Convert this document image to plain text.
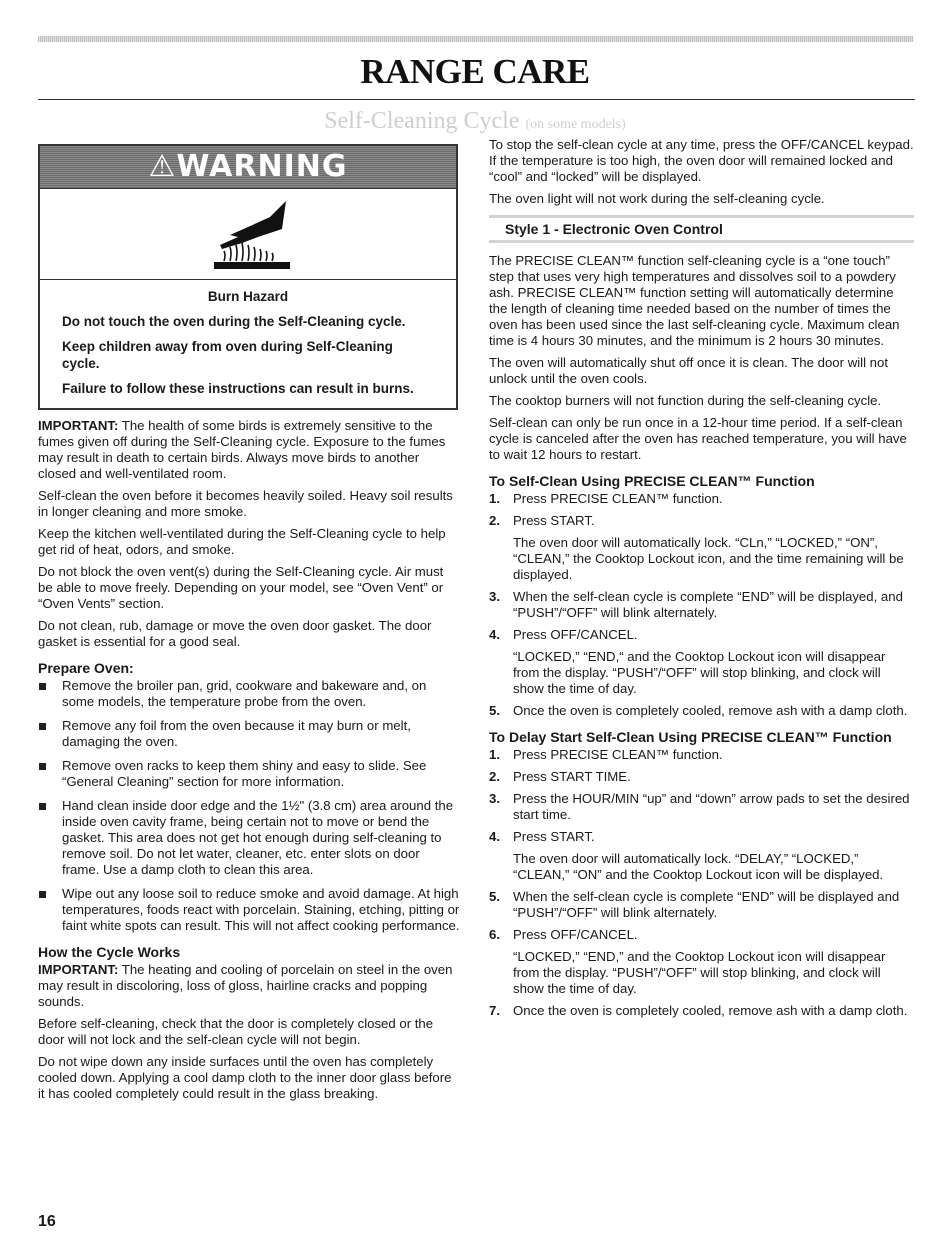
RANGE CARE
Self-Cleaning Cycle (on some models)
⚠WARNING

Burn Hazard

Do not touch the oven during the Self-Cleaning cycle.

Keep children away from oven during Self-Cleaning cycle.

Failure to follow these instructions can result in burns.

IMPORTANT: The health of some birds is extremely sensitive to the fumes given off during the Self-Cleaning cycle. Exposure to the fumes may result in death to certain birds. Always move birds to another closed and well-ventilated room.

Self-clean the oven before it becomes heavily soiled. Heavy soil results in longer cleaning and more smoke.

Keep the kitchen well-ventilated during the Self-Cleaning cycle to help get rid of heat, odors, and smoke.

Do not block the oven vent(s) during the Self-Cleaning cycle. Air must be able to move freely. Depending on your model, see “Oven Vent” or “Oven Vents” section.

Do not clean, rub, damage or move the oven door gasket. The door gasket is essential for a good seal.

Prepare Oven:
Remove the broiler pan, grid, cookware and bakeware and, on some models, the temperature probe from the oven.
Remove any foil from the oven because it may burn or melt, damaging the oven.
Remove oven racks to keep them shiny and easy to slide. See “General Cleaning” section for more information.
Hand clean inside door edge and the 1½" (3.8 cm) area around the inside oven cavity frame, being certain not to move or bend the gasket. This area does not get hot enough during self-cleaning to remove soil. Do not let water, cleaner, etc. enter slots on door frame. Use a damp cloth to clean this area.
Wipe out any loose soil to reduce smoke and avoid damage. At high temperatures, foods react with porcelain. Staining, etching, pitting or faint white spots can result. This will not affect cooking performance.
How the Cycle Works

IMPORTANT: The heating and cooling of porcelain on steel in the oven may result in discoloring, loss of gloss, hairline cracks and popping sounds.

Before self-cleaning, check that the door is completely closed or the door will not lock and the self-clean cycle will not begin.

Do not wipe down any inside surfaces until the oven has completely cooled down. Applying a cool damp cloth to the inner door glass before it has cooled completely could result in the glass breaking.

To stop the self-clean cycle at any time, press the OFF/CANCEL keypad. If the temperature is too high, the oven door will remained locked and “cool” and “locked” will be displayed.

The oven light will not work during the self-cleaning cycle.

Style 1 - Electronic Oven Control

The PRECISE CLEAN™ function self-cleaning cycle is a “one touch” step that uses very high temperatures and dissolves soil to a powdery ash. PRECISE CLEAN™ function setting will automatically determine the length of cleaning time needed based on the number of times the oven has been used since the last self-cleaning cycle. Maximum clean time is 4 hours 30 minutes, and the minimum is 2 hours 30 minutes.

The oven will automatically shut off once it is clean. The door will not unlock until the oven cools.

The cooktop burners will not function during the self-cleaning cycle.

Self-clean can only be run once in a 12-hour time period. If a self-clean cycle is canceled after the oven has reached temperature, you will have to wait 12 hours to restart.

To Self-Clean Using PRECISE CLEAN™ Function
1. Press PRECISE CLEAN™ function.
2. Press START.
The oven door will automatically lock. “CLn,” “LOCKED,” “ON”, “CLEAN,” the Cooktop Lockout icon, and the time remaining will be displayed.
3. When the self-clean cycle is complete “END” will be displayed, and “PUSH”/“OFF” will blink alternately.
4. Press OFF/CANCEL.
“LOCKED,” “END,“ and the Cooktop Lockout icon will disappear from the display. “PUSH”/“OFF” will stop blinking, and clock will show the time of day.
5. Once the oven is completely cooled, remove ash with a damp cloth.
To Delay Start Self-Clean Using PRECISE CLEAN™ Function
1. Press PRECISE CLEAN™ function.
2. Press START TIME.
3. Press the HOUR/MIN “up” and “down” arrow pads to set the desired start time.
4. Press START.
The oven door will automatically lock. “DELAY,” “LOCKED,” “CLEAN,” “ON” and the Cooktop Lockout icon will be displayed.
5. When the self-clean cycle is complete “END” will be displayed and “PUSH”/“OFF” will blink alternately.
6. Press OFF/CANCEL.
“LOCKED,” “END,” and the Cooktop Lockout icon will disappear from the display. “PUSH”/“OFF” will stop blinking, and clock will show the time of day.
7. Once the oven is completely cooled, remove ash with a damp cloth.
16
